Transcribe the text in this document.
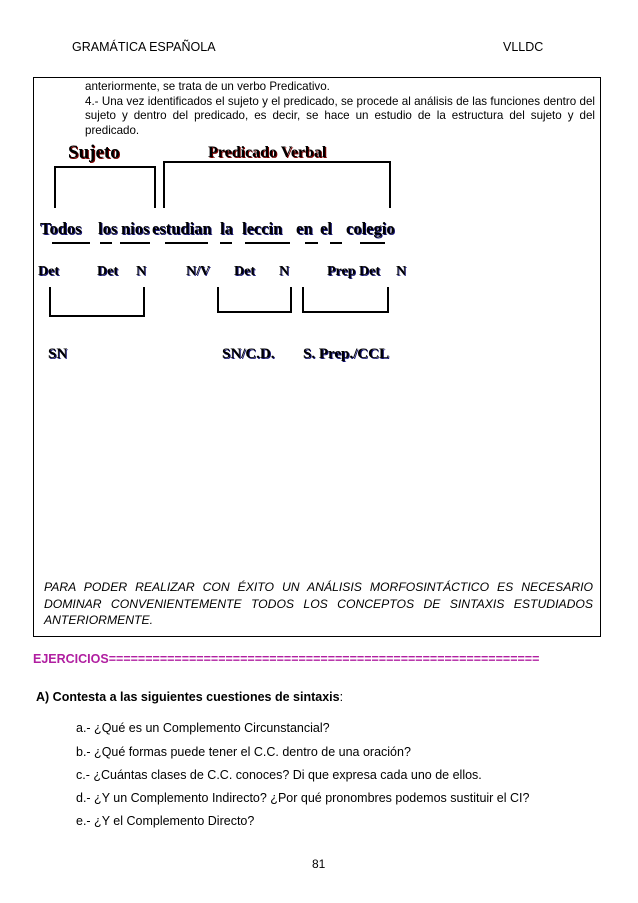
GRAMÁTICA ESPAÑOLA	VLLDC
anteriormente, se trata de un verbo Predicativo.
4.- Una vez identificados el sujeto y el predicado, se procede al análisis de las funciones dentro del sujeto y dentro del predicado, es decir, se hace un estudio de la estructura del sujeto y del predicado.
Sujeto	Predicado Verbal
Todos los nios estudian la leccin en el colegio
Det	Det N	N/V Det N	Prep Det N
SN	SN/C.D. S. Prep./CCL
PARA PODER REALIZAR CON ÉXITO UN ANÁLISIS MORFOSINTÁCTICO ES NECESARIO DOMINAR CONVENIENTEMENTE TODOS LOS CONCEPTOS DE SINTAXIS ESTUDIADOS ANTERIORMENTE.
EJERCICIOS===========================================================
A) Contesta a las siguientes cuestiones de sintaxis:
a.- ¿Qué es un Complemento Circunstancial?
b.- ¿Qué formas puede tener el C.C. dentro de una oración?
c.- ¿Cuántas clases de C.C. conoces? Di que expresa cada uno de ellos.
d.- ¿Y un Complemento Indirecto? ¿Por qué pronombres podemos sustituir el CI?
e.- ¿Y el Complemento Directo?
81
